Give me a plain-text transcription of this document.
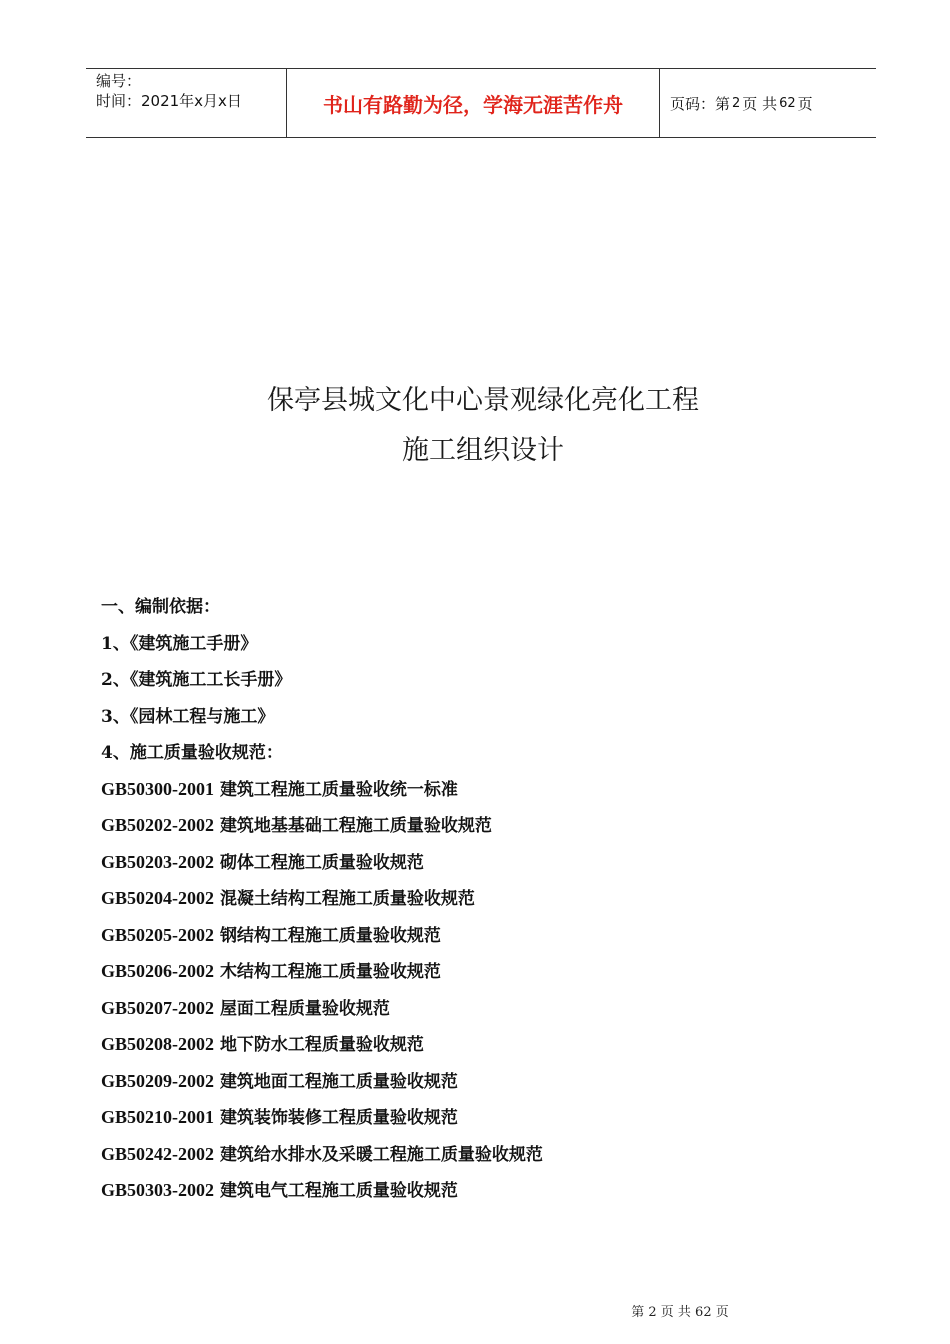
编号：
时间：2021年x月x日	书山有路勤为径，学海无涯苦作舟	页码：第 2 页 共 62 页
保亭县城文化中心景观绿化亮化工程
施工组织设计
一、编制依据：
1、《建筑施工手册》
2、《建筑施工工长手册》
3、《园林工程与施工》
4、施工质量验收规范：
GB50300-2001 建筑工程施工质量验收统一标准
GB50202-2002 建筑地基基础工程施工质量验收规范
GB50203-2002 砌体工程施工质量验收规范
GB50204-2002 混凝土结构工程施工质量验收规范
GB50205-2002 钢结构工程施工质量验收规范
GB50206-2002 木结构工程施工质量验收规范
GB50207-2002 屋面工程质量验收规范
GB50208-2002 地下防水工程质量验收规范
GB50209-2002 建筑地面工程施工质量验收规范
GB50210-2001 建筑装饰装修工程质量验收规范
GB50242-2002 建筑给水排水及采暖工程施工质量验收规范
GB50303-2002 建筑电气工程施工质量验收规范
第 2 页 共 62 页
